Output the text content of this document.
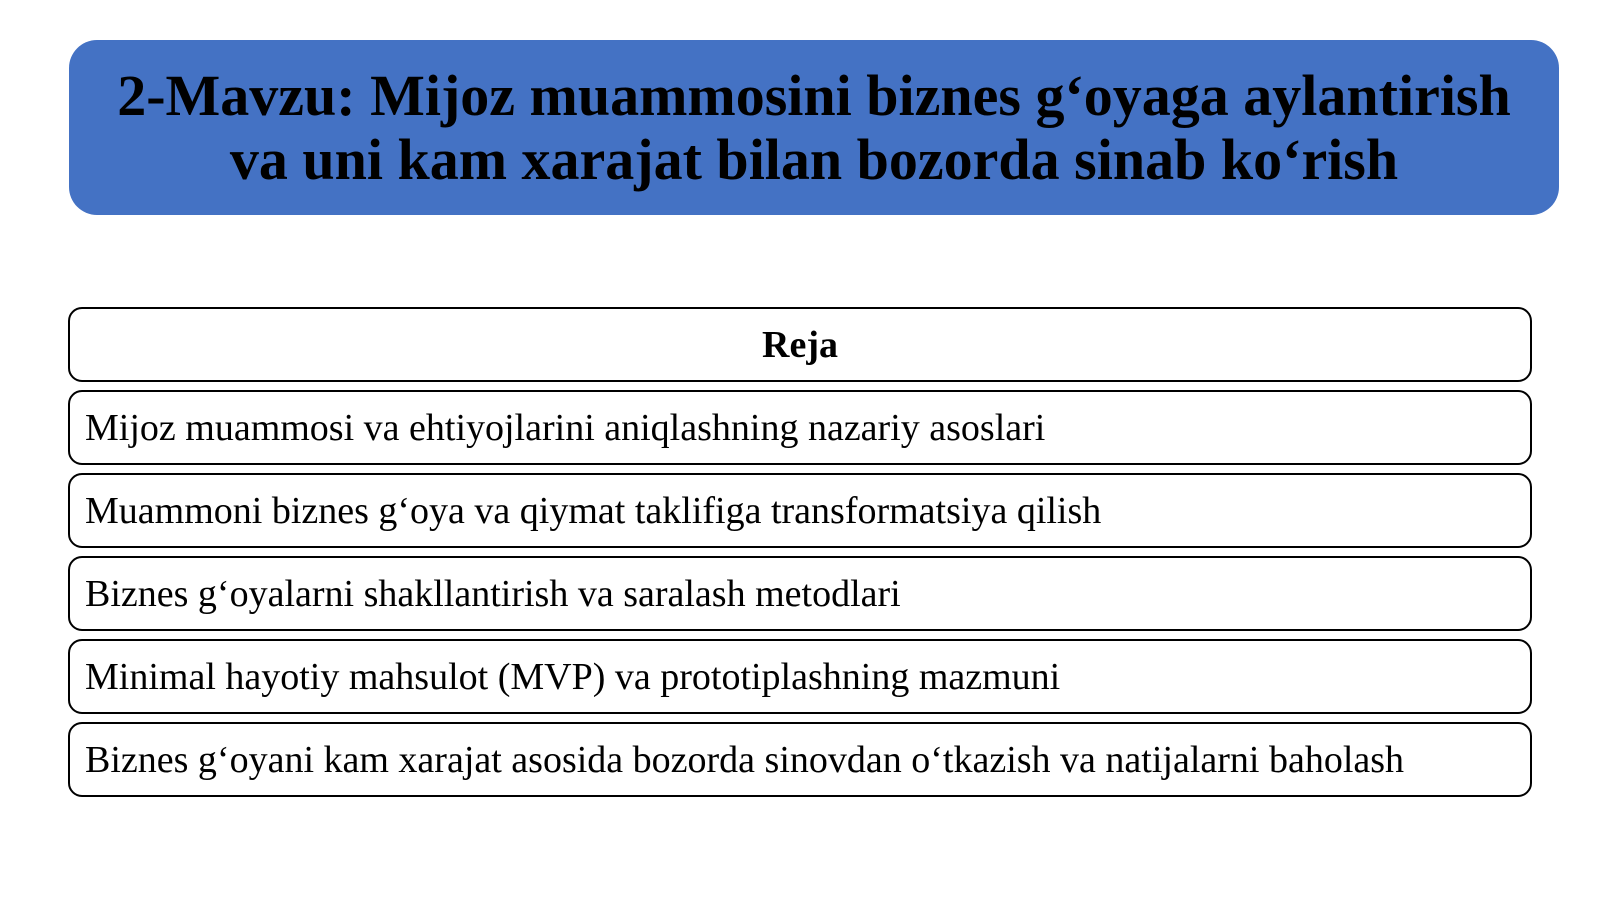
2-Mavzu: Mijoz muammosini biznes g‘oyaga aylantirish
va uni kam xarajat bilan bozorda sinab ko‘rish
Reja
Mijoz muammosi va ehtiyojlarini aniqlashning nazariy asoslari
Muammoni biznes g‘oya va qiymat taklifiga transformatsiya qilish
Biznes g‘oyalarni shakllantirish va saralash metodlari
Minimal hayotiy mahsulot (MVP) va prototiplashning mazmuni
Biznes g‘oyani kam xarajat asosida bozorda sinovdan o‘tkazish va natijalarni baholash
